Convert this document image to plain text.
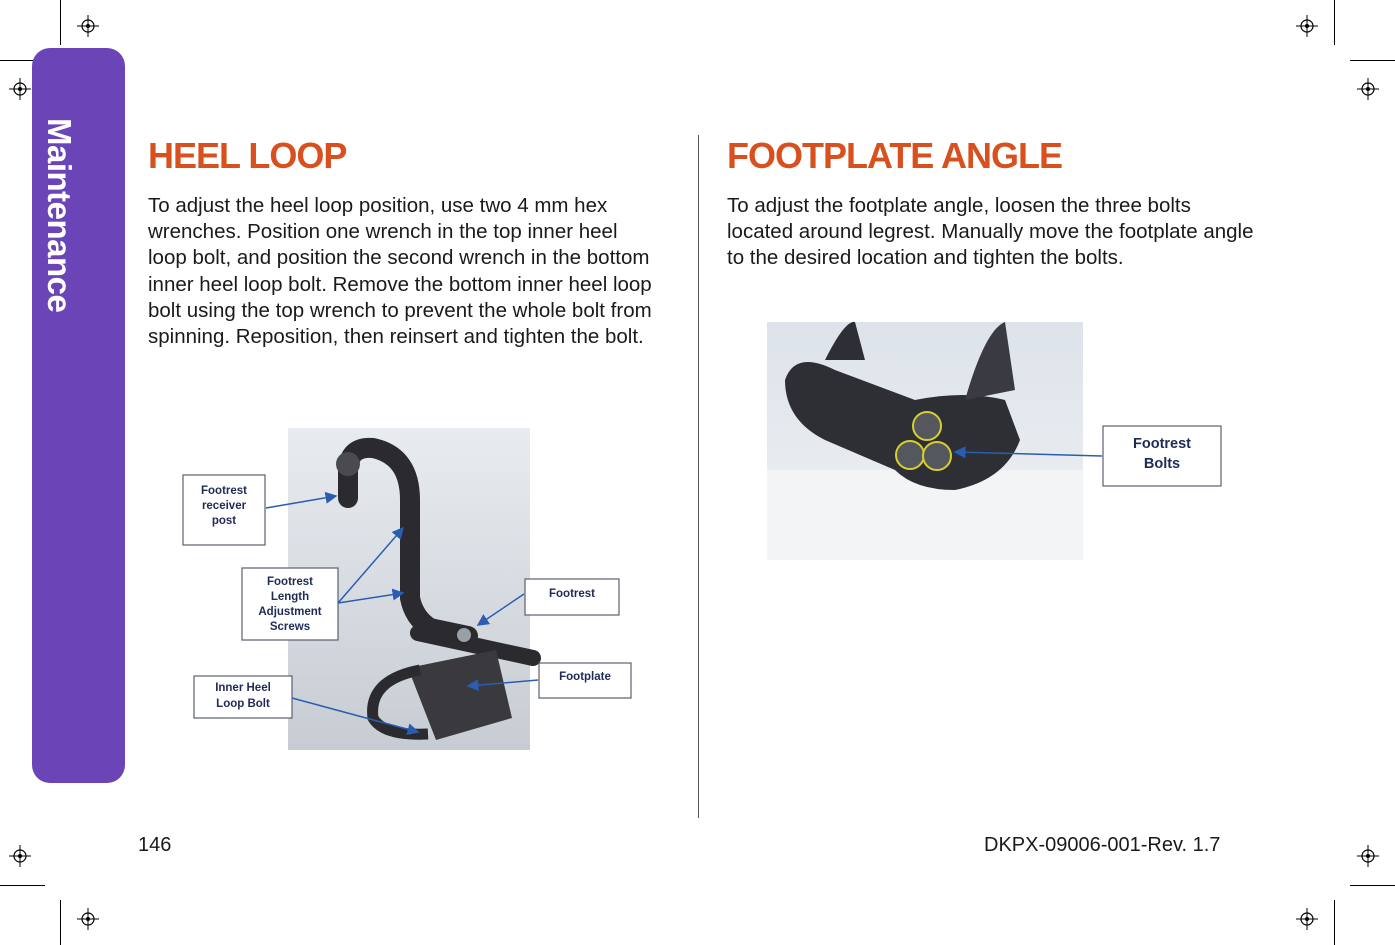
Maintenance HEEL LOOP

To adjust the heel loop position, use two 4 mm hex wrenches. Position one wrench in the top inner heel loop bolt, and position the second wrench in the bottom inner heel loop bolt. Remove the bottom inner heel loop bolt using the top wrench to prevent the whole bolt from spinning. Reposition, then reinsert and tighten the bolt.

Footrest
receiver
post
Footrest
Length
Adjustment
Screws
Footrest
Footplate
Inner Heel
Loop Bolt
FOOTPLATE ANGLE

To adjust the footplate angle, loosen the three bolts located around legrest. Manually move the footplate angle to the desired location and tighten the bolts.

Footrest
Bolts
146	DKPX-09006-001-Rev. 1.7
